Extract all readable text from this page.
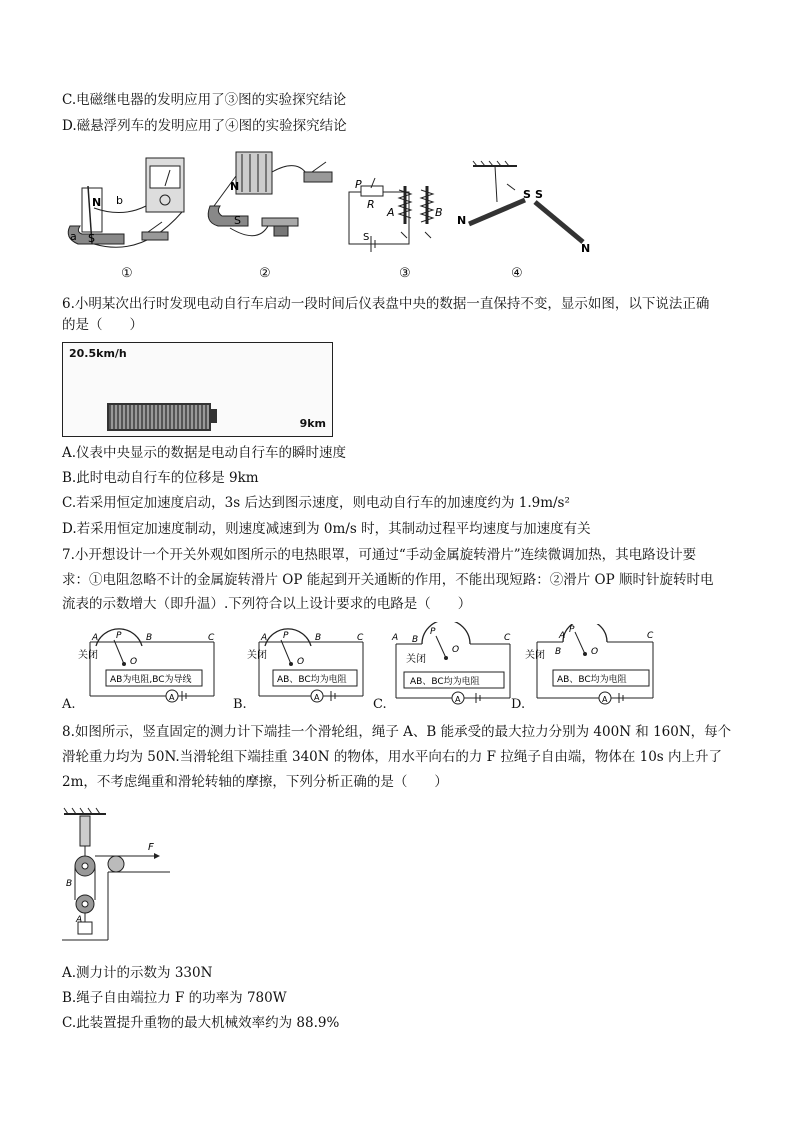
C.电磁继电器的发明应用了③图的实验探究结论
D.磁悬浮列车的发明应用了④图的实验探究结论
N b
a S
N
S
P
R
S
A	B
S S
N
N
①	②	③	④
6.小明某次出行时发现电动自行车启动一段时间后仪表盘中央的数据一直保持不变，显示如图，以下说法正确
的是（　　）
20.5km/h
9km
A.仪表中央显示的数据是电动自行车的瞬时速度
B.此时电动自行车的位移是 9km
C.若采用恒定加速度启动，3s 后达到图示速度，则电动自行车的加速度约为 1.9m/s²
D.若采用恒定加速度制动，则速度减速到为 0m/s 时，其制动过程平均速度与加速度有关
7.小开想设计一个开关外观如图所示的电热眼罩，可通过“手动金属旋转滑片”连续微调加热，其电路设计要
求：①电阻忽略不计的金属旋转滑片 OP 能起到开关通断的作用，不能出现短路：②滑片 OP 顺时针旋转时电
流表的示数增大（即升温）.下列符合以上设计要求的电路是（　　）
关闭
A	B	C
P
O
AB为电阻,BC为导线
A
关闭
A	B	C
P
O
AB、BC均为电阻
A
关闭
A B	C
P
O
AB、BC均为电阻
A
关闭
A
B
C
P
O
AB、BC均为电阻
A
A.	B.	C.	D.
8.如图所示，竖直固定的测力计下端挂一个滑轮组，绳子 A、B 能承受的最大拉力分别为 400N 和 160N，每个
滑轮重力均为 50N.当滑轮组下端挂重 340N 的物体，用水平向右的力 F 拉绳子自由端，物体在 10s 内上升了
2m，不考虑绳重和滑轮转轴的摩擦，下列分析正确的是（　　）
F
A
B
A.测力计的示数为 330N
B.绳子自由端拉力 F 的功率为 780W
C.此装置提升重物的最大机械效率约为 88.9%
